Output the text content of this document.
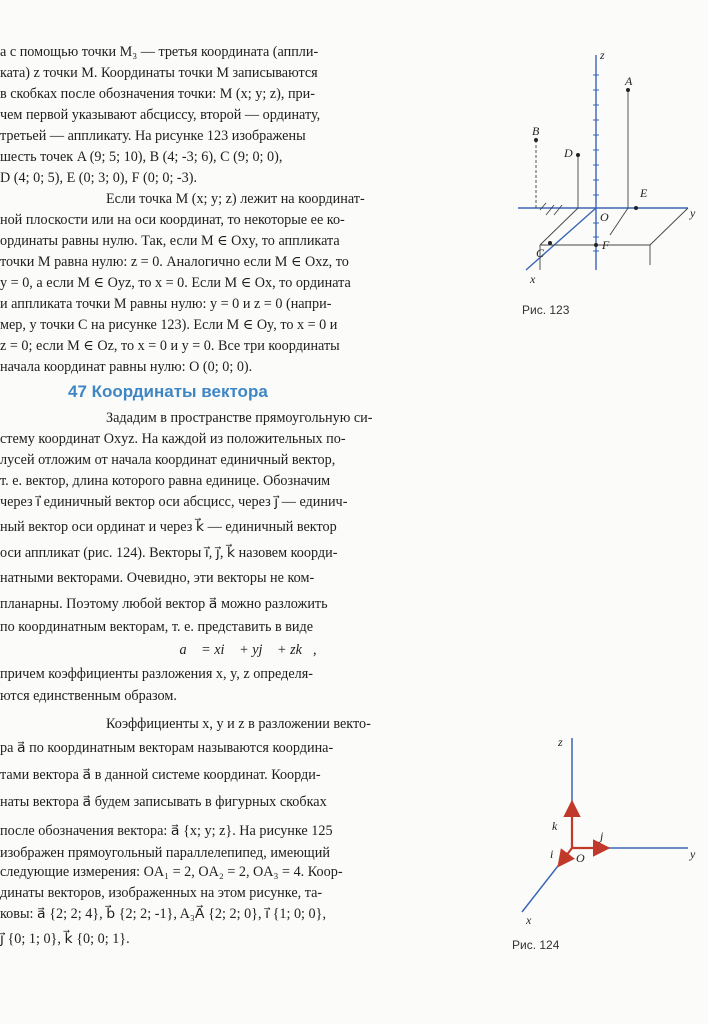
а с помощью точки M₃ — третья координата (аппли-
ката) z точки M. Координаты точки M записываются
в скобках после обозначения точки: M (x; y; z), при-
чем первой указывают абсциссу, второй — ординату,
третьей — аппликату. На рисунке 123 изображены
шесть точек A (9; 5; 10), B (4; -3; 6), C (9; 0; 0),
D (4; 0; 5), E (0; 3; 0), F (0; 0; -3).
Если точка M (x; y; z) лежит на координат-
ной плоскости или на оси координат, то некоторые ее ко-
ординаты равны нулю. Так, если M ∈ Oxy, то аппликата
точки M равна нулю: z = 0. Аналогично если M ∈ Oxz, то
y = 0, а если M ∈ Oyz, то x = 0. Если M ∈ Ox, то ордината
и аппликата точки M равны нулю: y = 0 и z = 0 (напри-
мер, у точки C на рисунке 123). Если M ∈ Oy, то x = 0 и
z = 0; если M ∈ Oz, то x = 0 и y = 0. Все три координаты
начала координат равны нулю: O (0; 0; 0).
47 Координаты вектора
Зададим в пространстве прямоугольную си-
стему координат Oxyz. На каждой из положительных по-
лусей отложим от начала координат единичный вектор,
т. е. вектор, длина которого равна единице. Обозначим
через i⃗ единичный вектор оси абсцисс, через j⃗ — единич-
ный вектор оси ординат и через k⃗ — единичный вектор
оси аппликат (рис. 124). Векторы i⃗, j⃗, k⃗ назовем коорди-
натными векторами. Очевидно, эти векторы не ком-
планарны. Поэтому любой вектор a⃗ можно разложить
по координатным векторам, т. е. представить в виде
a⃗ = xi⃗ + yj⃗ + zk⃗,
причем коэффициенты разложения x, y, z определя-
ются единственным образом.
Коэффициенты x, y и z в разложении векто-
ра a⃗ по координатным векторам называются координа-
тами вектора a⃗ в данной системе координат. Коорди-
наты вектора a⃗ будем записывать в фигурных скобках
после обозначения вектора: a⃗ {x; y; z}. На рисунке 125
изображен прямоугольный параллелепипед, имеющий
следующие измерения: OA₁ = 2, OA₂ = 2, OA₃ = 4. Коор-
динаты векторов, изображенных на этом рисунке, та-
ковы: a⃗ {2; 2; 4}, b⃗ {2; 2; -1}, A₃A⃗ {2; 2; 0}, i⃗ {1; 0; 0},
j⃗ {0; 1; 0}, k⃗ {0; 0; 1}.
z
y
x
O
A
B
C
D
E
F
Рис. 123
z
y
x
O
k⃗
j⃗
i⃗
Рис. 124
